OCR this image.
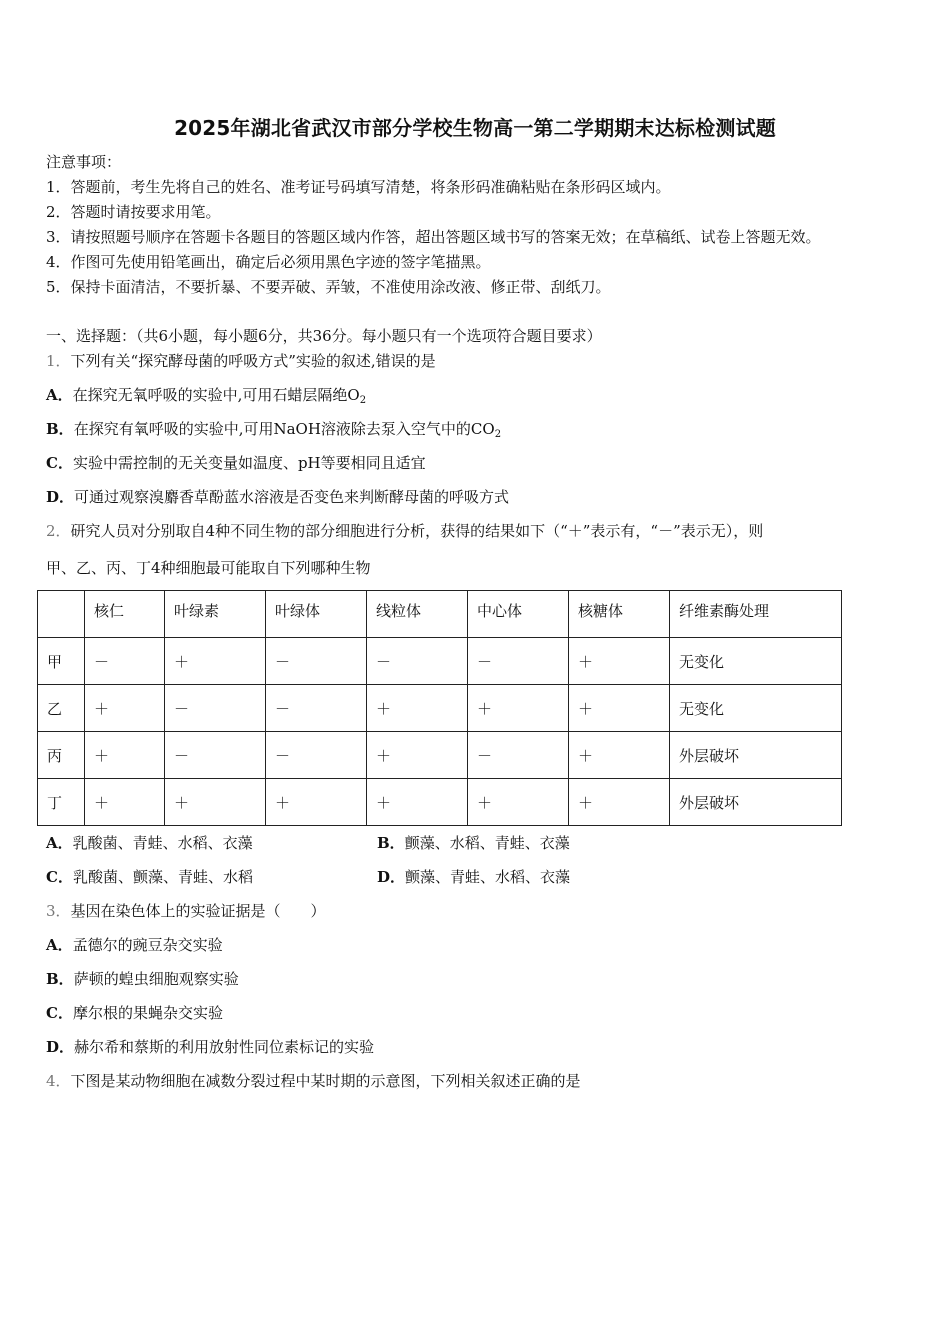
2025年湖北省武汉市部分学校生物高一第二学期期末达标检测试题
注意事项：
1．答题前，考生先将自己的姓名、准考证号码填写清楚，将条形码准确粘贴在条形码区域内。
2．答题时请按要求用笔。
3．请按照题号顺序在答题卡各题目的答题区域内作答，超出答题区域书写的答案无效；在草稿纸、试卷上答题无效。
4．作图可先使用铅笔画出，确定后必须用黑色字迹的签字笔描黑。
5．保持卡面清洁，不要折暴、不要弄破、弄皱，不准使用涂改液、修正带、刮纸刀。
一、选择题：（共6小题，每小题6分，共36分。每小题只有一个选项符合题目要求）
1．下列有关“探究酵母菌的呼吸方式”实验的叙述,错误的是
A．在探究无氧呼吸的实验中,可用石蜡层隔绝$O_2$
B．在探究有氧呼吸的实验中,可用NaOH溶液除去泵入空气中的$CO_2$
C．实验中需控制的无关变量如温度、pH等要相同且适宜
D．可通过观察溴麝香草酚蓝水溶液是否变色来判断酵母菌的呼吸方式
2．研究人员对分别取自4种不同生物的部分细胞进行分析，获得的结果如下（“＋”表示有，“－”表示无），则
甲、乙、丙、丁4种细胞最可能取自下列哪种生物
	核仁	叶绿素	叶绿体	线粒体	中心体	核糖体	纤维素酶处理
甲	－	＋	－	－	－	＋	无变化
乙	＋	－	－	＋	＋	＋	无变化
丙	＋	－	－	＋	－	＋	外层破坏
丁	＋	＋	＋	＋	＋	＋	外层破坏
A．乳酸菌、青蛙、水稻、衣藻	B．颤藻、水稻、青蛙、衣藻
C．乳酸菌、颤藻、青蛙、水稻	D．颤藻、青蛙、水稻、衣藻
3．基因在染色体上的实验证据是（　　）
A．孟德尔的豌豆杂交实验
B．萨顿的蝗虫细胞观察实验
C．摩尔根的果蝇杂交实验
D．赫尔希和蔡斯的利用放射性同位素标记的实验
4．下图是某动物细胞在减数分裂过程中某时期的示意图，下列相关叙述正确的是
